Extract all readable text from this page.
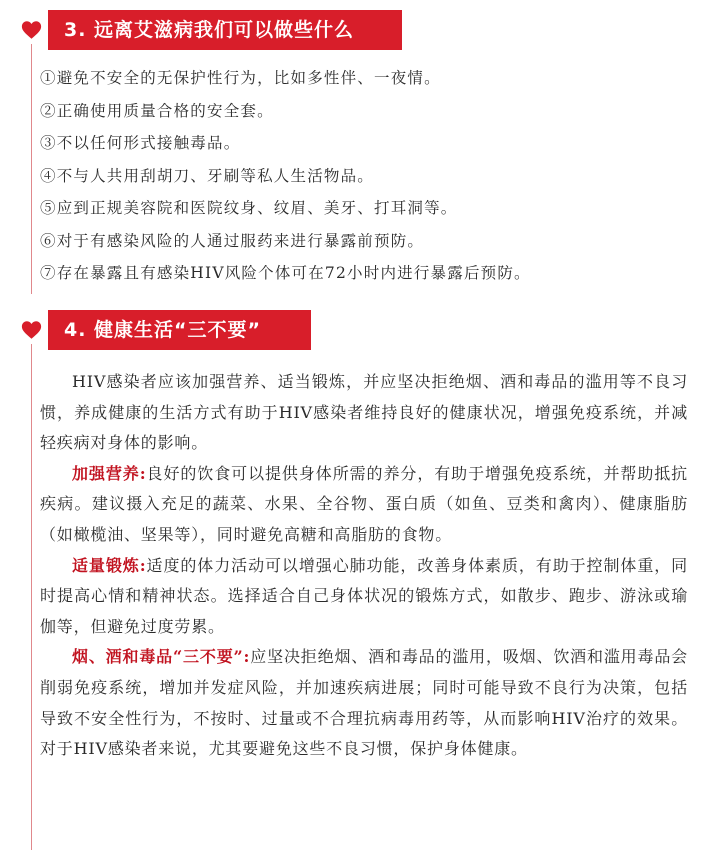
3. 远离艾滋病我们可以做些什么
①避免不安全的无保护性行为，比如多性伴、一夜情。
②正确使用质量合格的安全套。
③不以任何形式接触毒品。
④不与人共用刮胡刀、牙刷等私人生活物品。
⑤应到正规美容院和医院纹身、纹眉、美牙、打耳洞等。
⑥对于有感染风险的人通过服药来进行暴露前预防。
⑦存在暴露且有感染HIV风险个体可在72小时内进行暴露后预防。
4. 健康生活“三不要”

HIV感染者应该加强营养、适当锻炼，并应坚决拒绝烟、酒和毒品的滥用等不良习惯，养成健康的生活方式有助于HIV感染者维持良好的健康状况，增强免疫系统，并减轻疾病对身体的影响。

加强营养:良好的饮食可以提供身体所需的养分，有助于增强免疫系统，并帮助抵抗疾病。建议摄入充足的蔬菜、水果、全谷物、蛋白质（如鱼、豆类和禽肉）、健康脂肪（如橄榄油、坚果等），同时避免高糖和高脂肪的食物。

适量锻炼:适度的体力活动可以增强心肺功能，改善身体素质，有助于控制体重，同时提高心情和精神状态。选择适合自己身体状况的锻炼方式，如散步、跑步、游泳或瑜伽等，但避免过度劳累。

烟、酒和毒品“三不要”:应坚决拒绝烟、酒和毒品的滥用，吸烟、饮酒和滥用毒品会削弱免疫系统，增加并发症风险，并加速疾病进展；同时可能导致不良行为决策，包括导致不安全性行为，不按时、过量或不合理抗病毒用药等，从而影响HIV治疗的效果。对于HIV感染者来说，尤其要避免这些不良习惯，保护身体健康。
